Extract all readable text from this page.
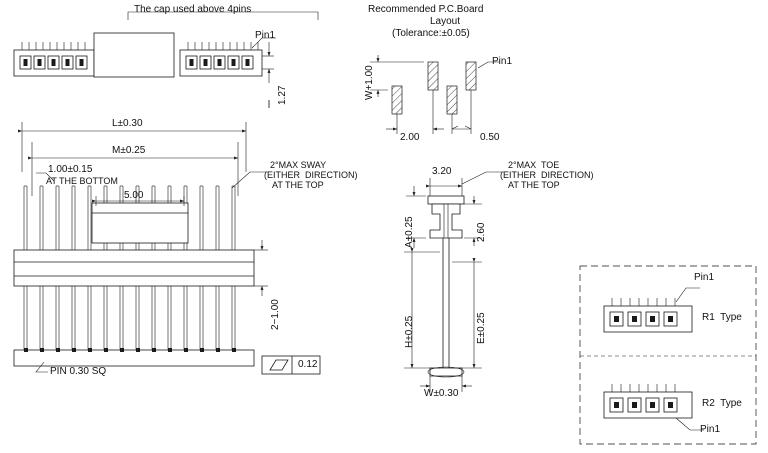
The cap used above 4pins	Recommended P.C.Board
Layout
(Tolerance:±0.05)
Pin1
1.27
Pin1
W+1.00
2.00	0.50
L±0.30
M±0.25
1.00±0.15
AT THE BOTTOM
5.00
2°MAX SWAY
(EITHER  DIRECTION)
AT THE TOP
2−1.00
PIN 0.30 SQ
0.12
3.20
A±0.25	2.60
H±0.25	E±0.25
W±0.30
2°MAX  TOE
(EITHER  DIRECTION)
AT THE TOP
Pin1
R1  Type
R2  Type
Pin1
